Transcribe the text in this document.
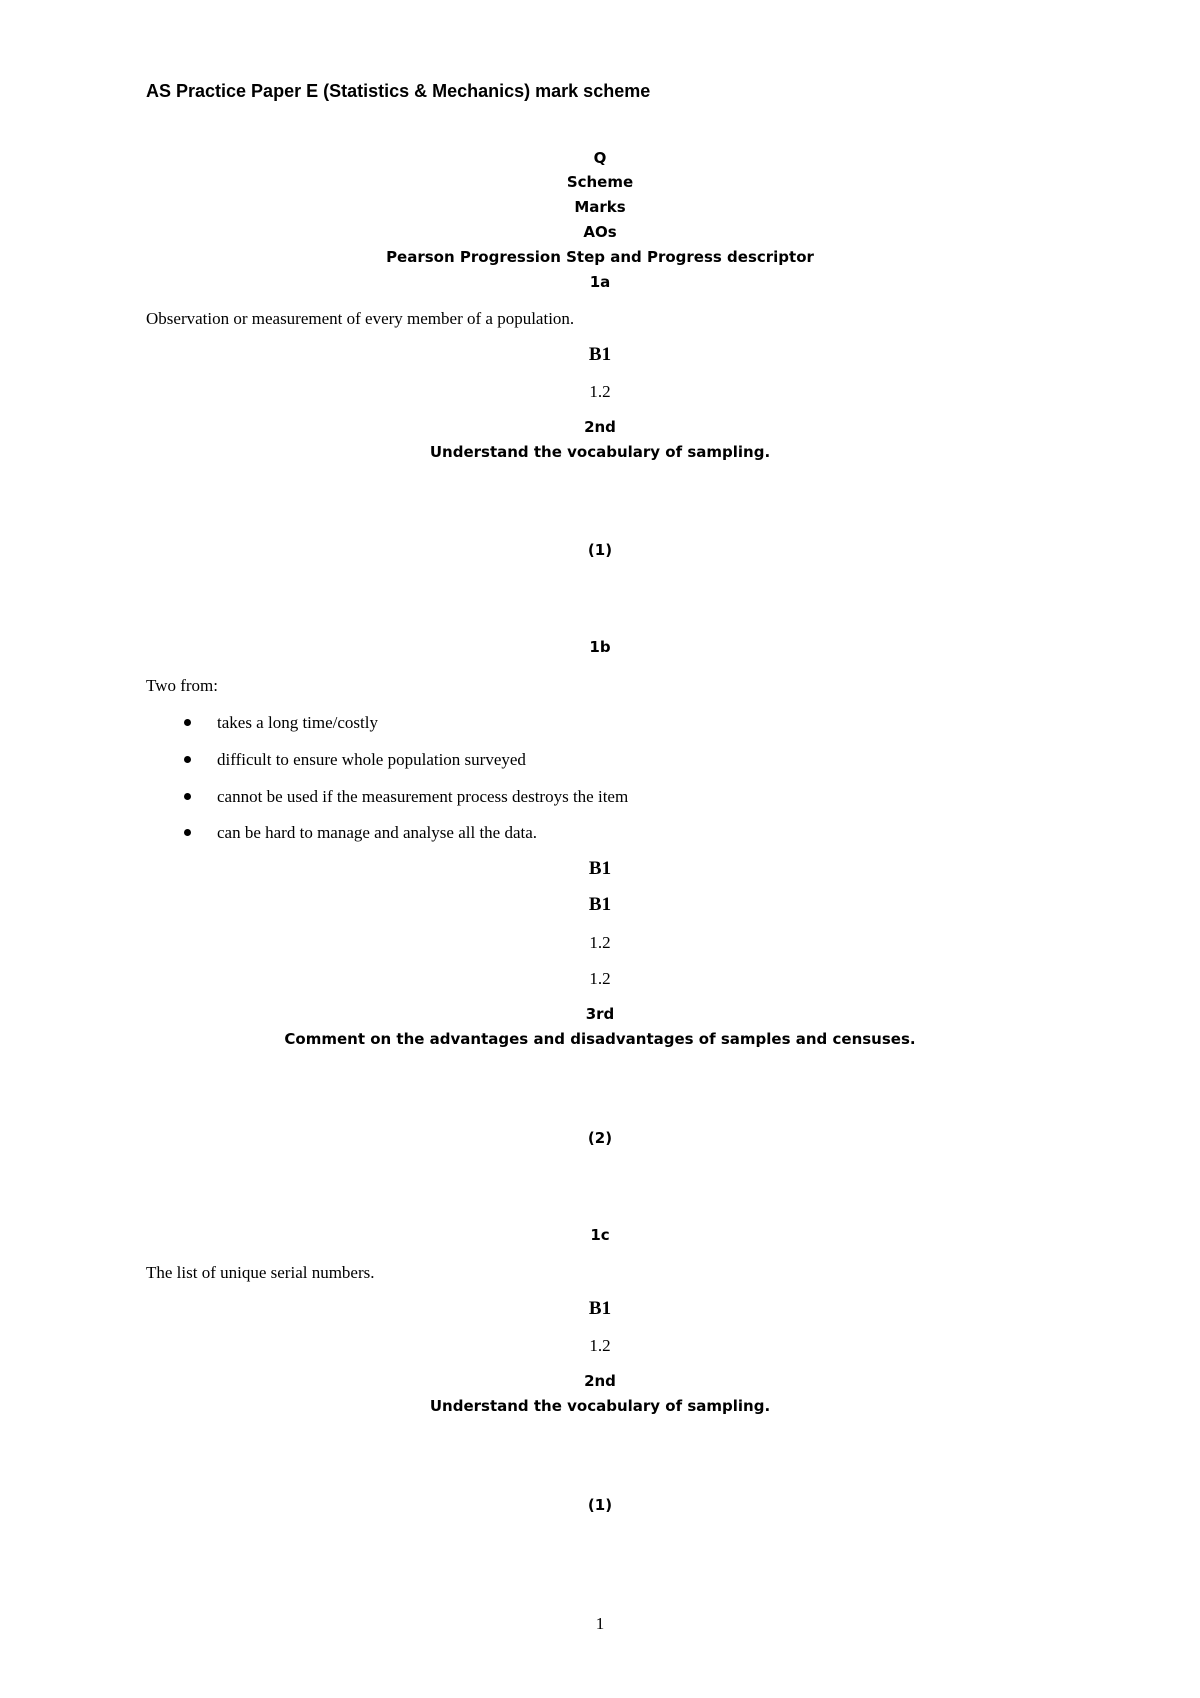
AS Practice Paper E (Statistics & Mechanics) mark scheme
Q
Scheme
Marks
AOs
Pearson Progression Step and Progress descriptor
1a
Observation or measurement of every member of a population.
B1
1.2
2nd
Understand the vocabulary of sampling.
(1)
1b
Two from:
takes a long time/costly
difficult to ensure whole population surveyed
cannot be used if the measurement process destroys the item
can be hard to manage and analyse all the data.
B1
B1
1.2
1.2
3rd
Comment on the advantages and disadvantages of samples and censuses.
(2)
1c
The list of unique serial numbers.
B1
1.2
2nd
Understand the vocabulary of sampling.
(1)
1
